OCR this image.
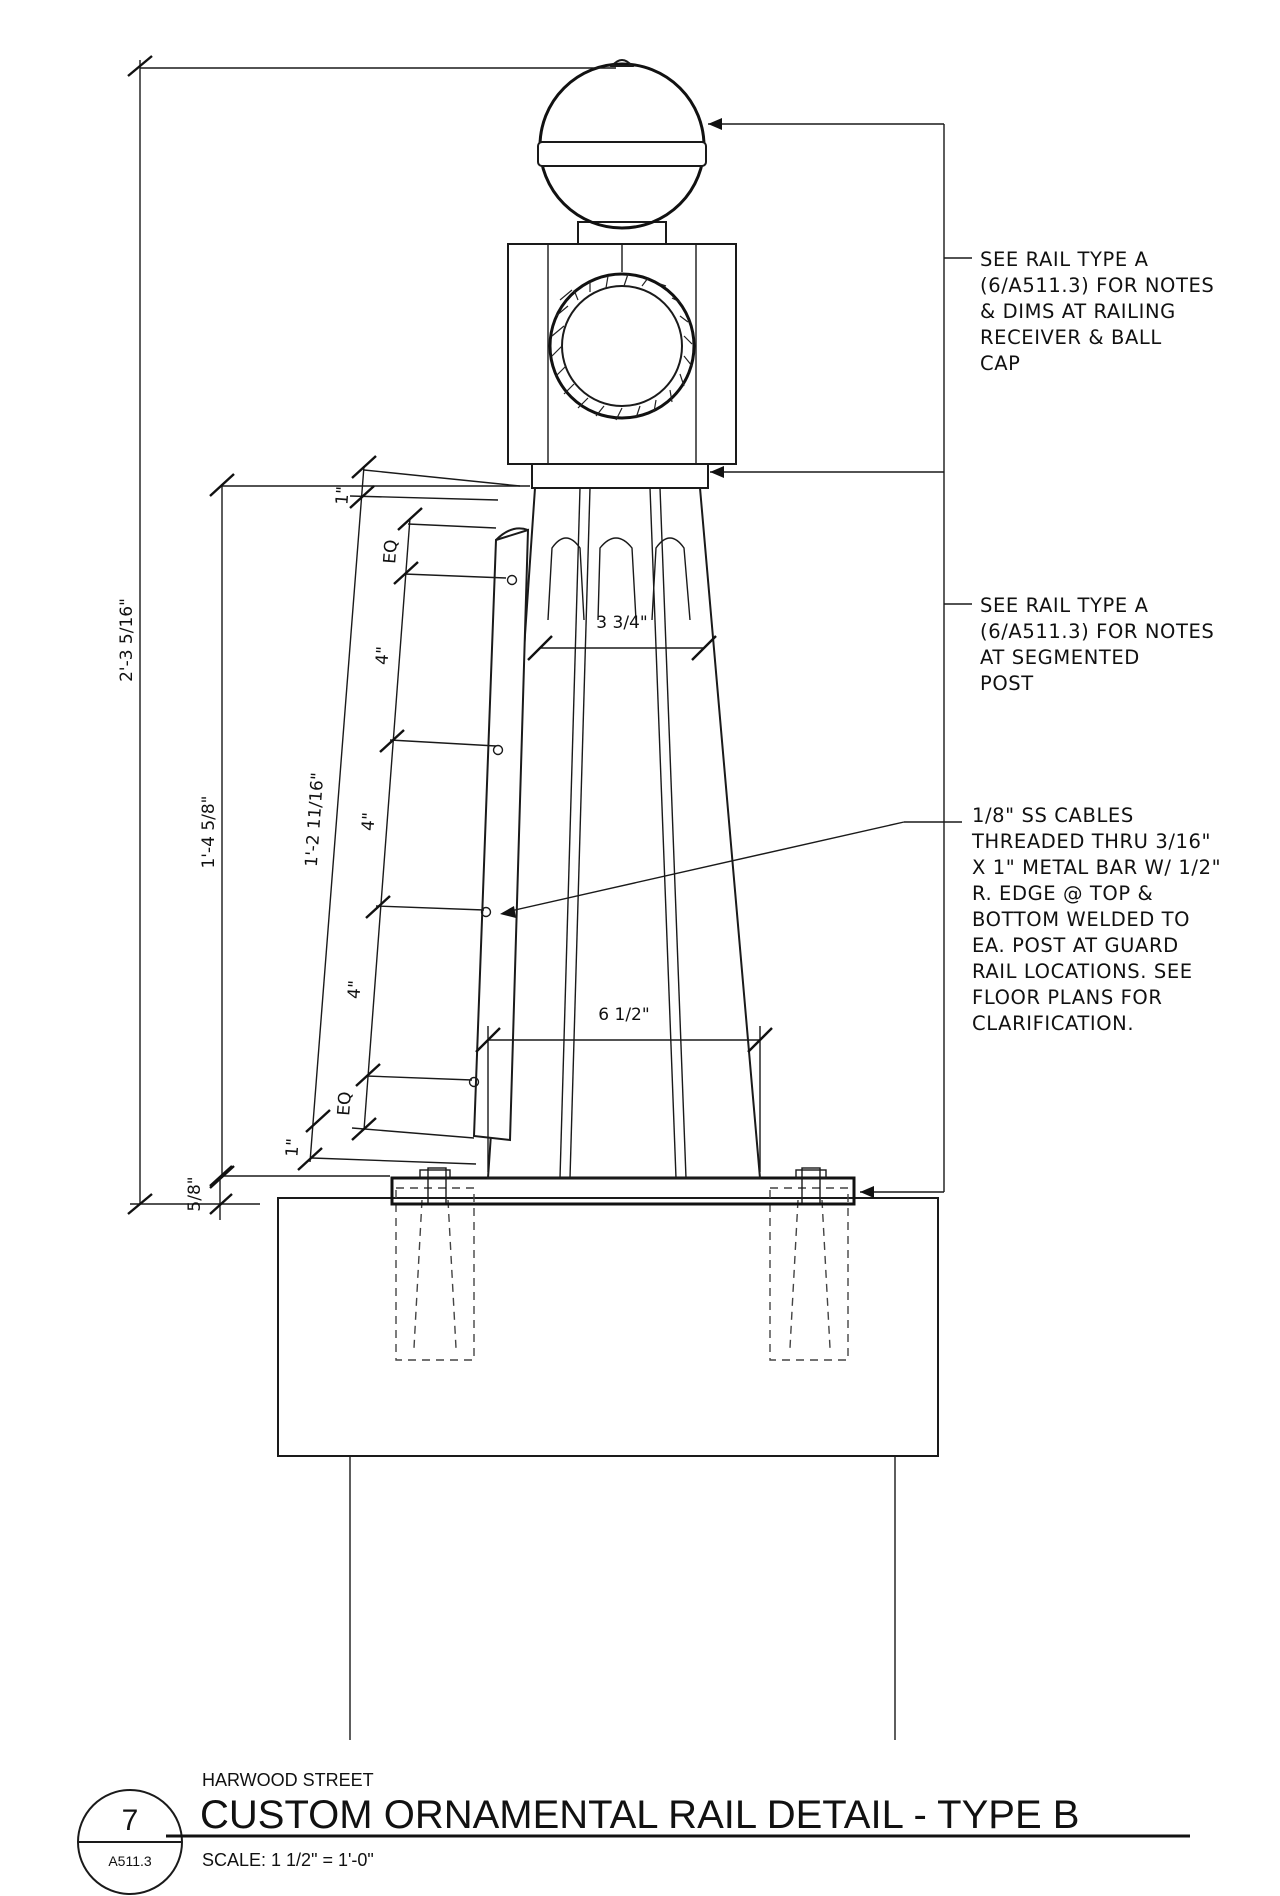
2'-3 5/16"
1'-4 5/8"
5/8"
1"
EQ
4"
1'-2 11/16" 4"
4"
EQ
1"
3 3/4"
6 1/2"
SEE RAIL TYPE A
(6/A511.3) FOR NOTES
& DIMS AT RAILING
RECEIVER & BALL
CAP
SEE RAIL TYPE A
(6/A511.3) FOR NOTES
AT SEGMENTED
POST
1/8" SS CABLES
THREADED THRU 3/16"
X 1" METAL BAR W/ 1/2"
R. EDGE @ TOP &
BOTTOM WELDED TO
EA. POST AT GUARD
RAIL LOCATIONS. SEE
FLOOR PLANS FOR
CLARIFICATION.
7
A511.3
HARWOOD STREET
CUSTOM ORNAMENTAL RAIL DETAIL - TYPE B
SCALE: 1 1/2" = 1'-0"
